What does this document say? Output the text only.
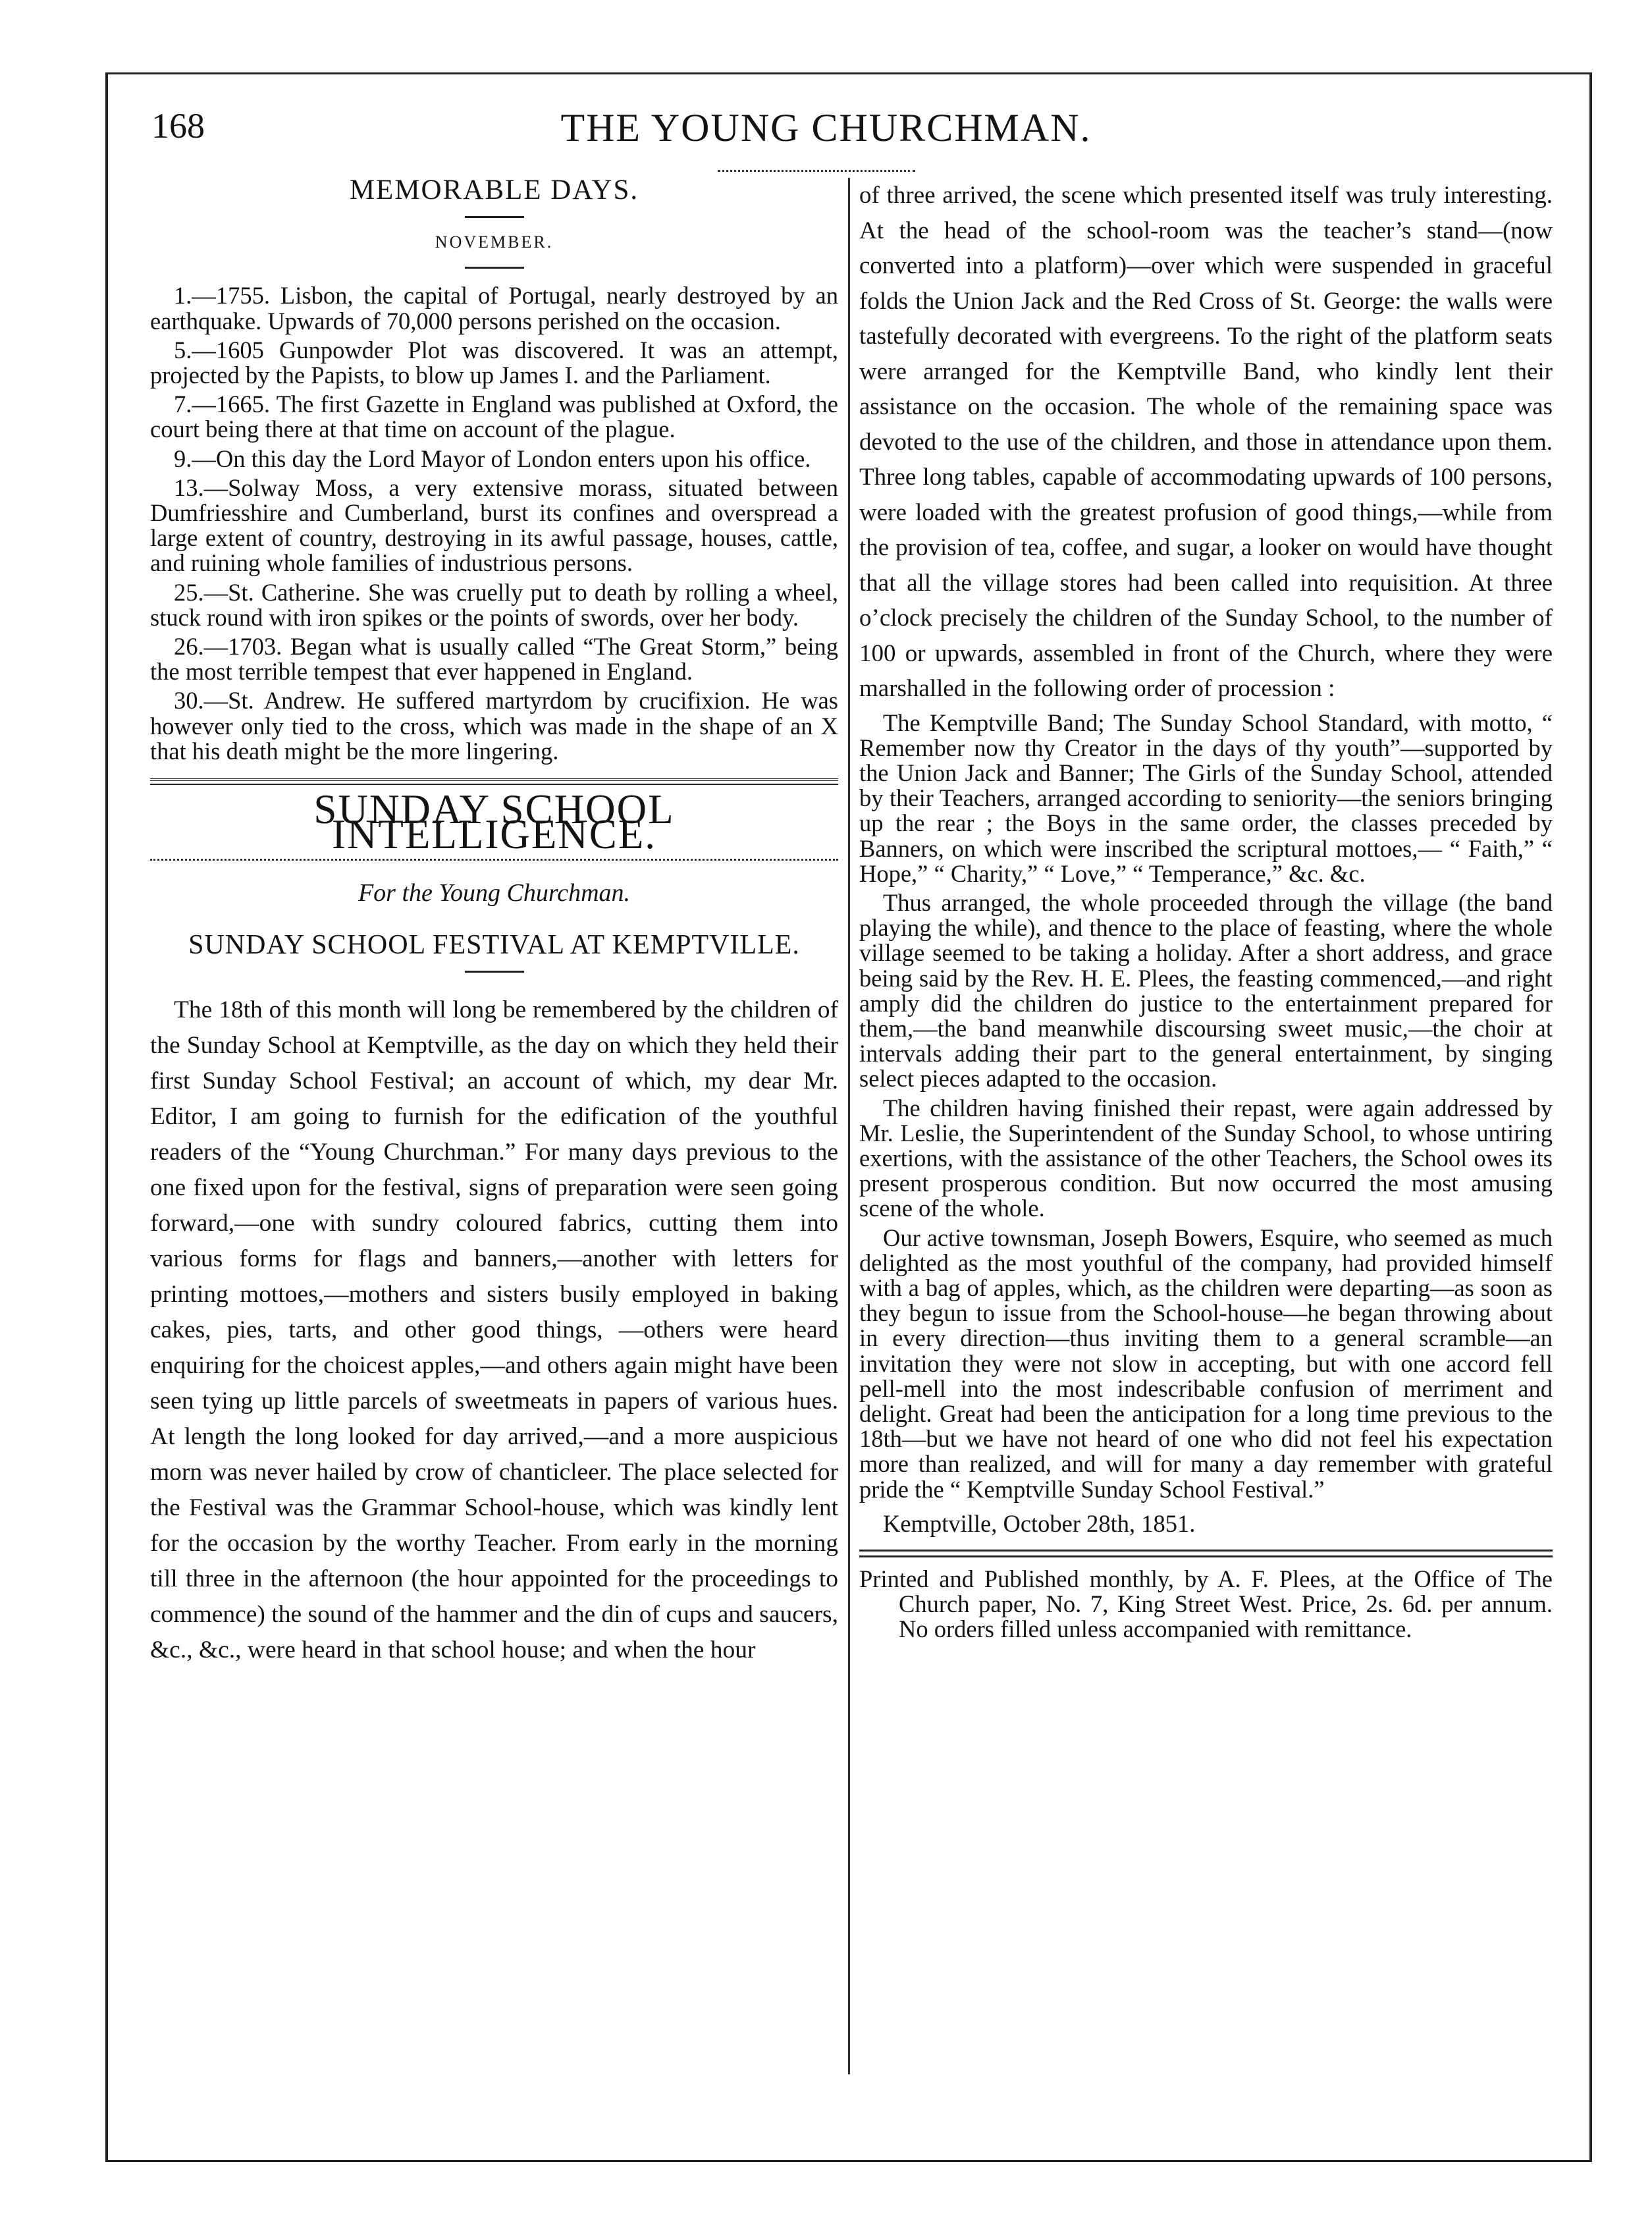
168	THE YOUNG CHURCHMAN.
MEMORABLE DAYS.
NOVEMBER.

1.—1755. Lisbon, the capital of Portugal, nearly destroyed by an earthquake. Upwards of 70,000 persons perished on the occasion.

5.—1605 Gunpowder Plot was discovered. It was an attempt, projected by the Papists, to blow up James I. and the Parliament.

7.—1665. The first Gazette in England was published at Oxford, the court being there at that time on account of the plague.

9.—On this day the Lord Mayor of London enters upon his office.

13.—Solway Moss, a very extensive morass, situated between Dumfriesshire and Cumberland, burst its confines and overspread a large extent of country, destroying in its awful passage, houses, cattle, and ruining whole families of industrious persons.

25.—St. Catherine. She was cruelly put to death by rolling a wheel, stuck round with iron spikes or the points of swords, over her body.

26.—1703. Began what is usually called “The Great Storm,” being the most terrible tempest that ever happened in England.

30.—St. Andrew. He suffered martyrdom by crucifixion. He was however only tied to the cross, which was made in the shape of an X that his death might be the more lingering.

SUNDAY SCHOOL INTELLIGENCE.
For the Young Churchman.
SUNDAY SCHOOL FESTIVAL AT KEMPTVILLE.

The 18th of this month will long be remembered by the children of the Sunday School at Kemptville, as the day on which they held their first Sunday School Festival; an account of which, my dear Mr. Editor, I am going to furnish for the edification of the youthful readers of the “Young Churchman.” For many days previous to the one fixed upon for the festival, signs of preparation were seen going forward,—one with sundry coloured fabrics, cutting them into various forms for flags and banners,—another with letters for printing mottoes,—mothers and sisters busily employed in baking cakes, pies, tarts, and other good things, —others were heard enquiring for the choicest apples,—and others again might have been seen tying up little parcels of sweetmeats in papers of various hues. At length the long looked for day arrived,—and a more auspicious morn was never hailed by crow of chanticleer. The place selected for the Festival was the Grammar School-house, which was kindly lent for the occasion by the worthy Teacher. From early in the morning till three in the afternoon (the hour appointed for the proceedings to commence) the sound of the hammer and the din of cups and saucers, &c., &c., were heard in that school house; and when the hour

of three arrived, the scene which presented itself was truly interesting. At the head of the school-room was the teacher’s stand—(now converted into a platform)—over which were suspended in graceful folds the Union Jack and the Red Cross of St. George: the walls were tastefully decorated with evergreens. To the right of the platform seats were arranged for the Kemptville Band, who kindly lent their assistance on the occasion. The whole of the remaining space was devoted to the use of the children, and those in attendance upon them. Three long tables, capable of accommodating upwards of 100 persons, were loaded with the greatest profusion of good things,—while from the provision of tea, coffee, and sugar, a looker on would have thought that all the village stores had been called into requisition. At three o’clock precisely the children of the Sunday School, to the number of 100 or upwards, assembled in front of the Church, where they were marshalled in the following order of procession :

The Kemptville Band; The Sunday School Standard, with motto, “ Remember now thy Creator in the days of thy youth”—supported by the Union Jack and Banner; The Girls of the Sunday School, attended by their Teachers, arranged according to seniority—the seniors bringing up the rear ; the Boys in the same order, the classes preceded by Banners, on which were inscribed the scriptural mottoes,— “ Faith,” “ Hope,” “ Charity,” “ Love,” “ Temperance,” &c. &c.

Thus arranged, the whole proceeded through the village (the band playing the while), and thence to the place of feasting, where the whole village seemed to be taking a holiday. After a short address, and grace being said by the Rev. H. E. Plees, the feasting commenced,—and right amply did the children do justice to the entertainment prepared for them,—the band meanwhile discoursing sweet music,—the choir at intervals adding their part to the general entertainment, by singing select pieces adapted to the occasion.

The children having finished their repast, were again addressed by Mr. Leslie, the Superintendent of the Sunday School, to whose untiring exertions, with the assistance of the other Teachers, the School owes its present prosperous condition. But now occurred the most amusing scene of the whole.

Our active townsman, Joseph Bowers, Esquire, who seemed as much delighted as the most youthful of the company, had provided himself with a bag of apples, which, as the children were departing—as soon as they begun to issue from the School-house—he began throwing about in every direction—thus inviting them to a general scramble—an invitation they were not slow in accepting, but with one accord fell pell-mell into the most indescribable confusion of merriment and delight. Great had been the anticipation for a long time previous to the 18th—but we have not heard of one who did not feel his expectation more than realized, and will for many a day remember with grateful pride the “ Kemptville Sunday School Festival.”

Kemptville, October 28th, 1851.

Printed and Published monthly, by A. F. Plees, at the Office of The Church paper, No. 7, King Street West. Price, 2s. 6d. per annum. No orders filled unless accompanied with remittance.
